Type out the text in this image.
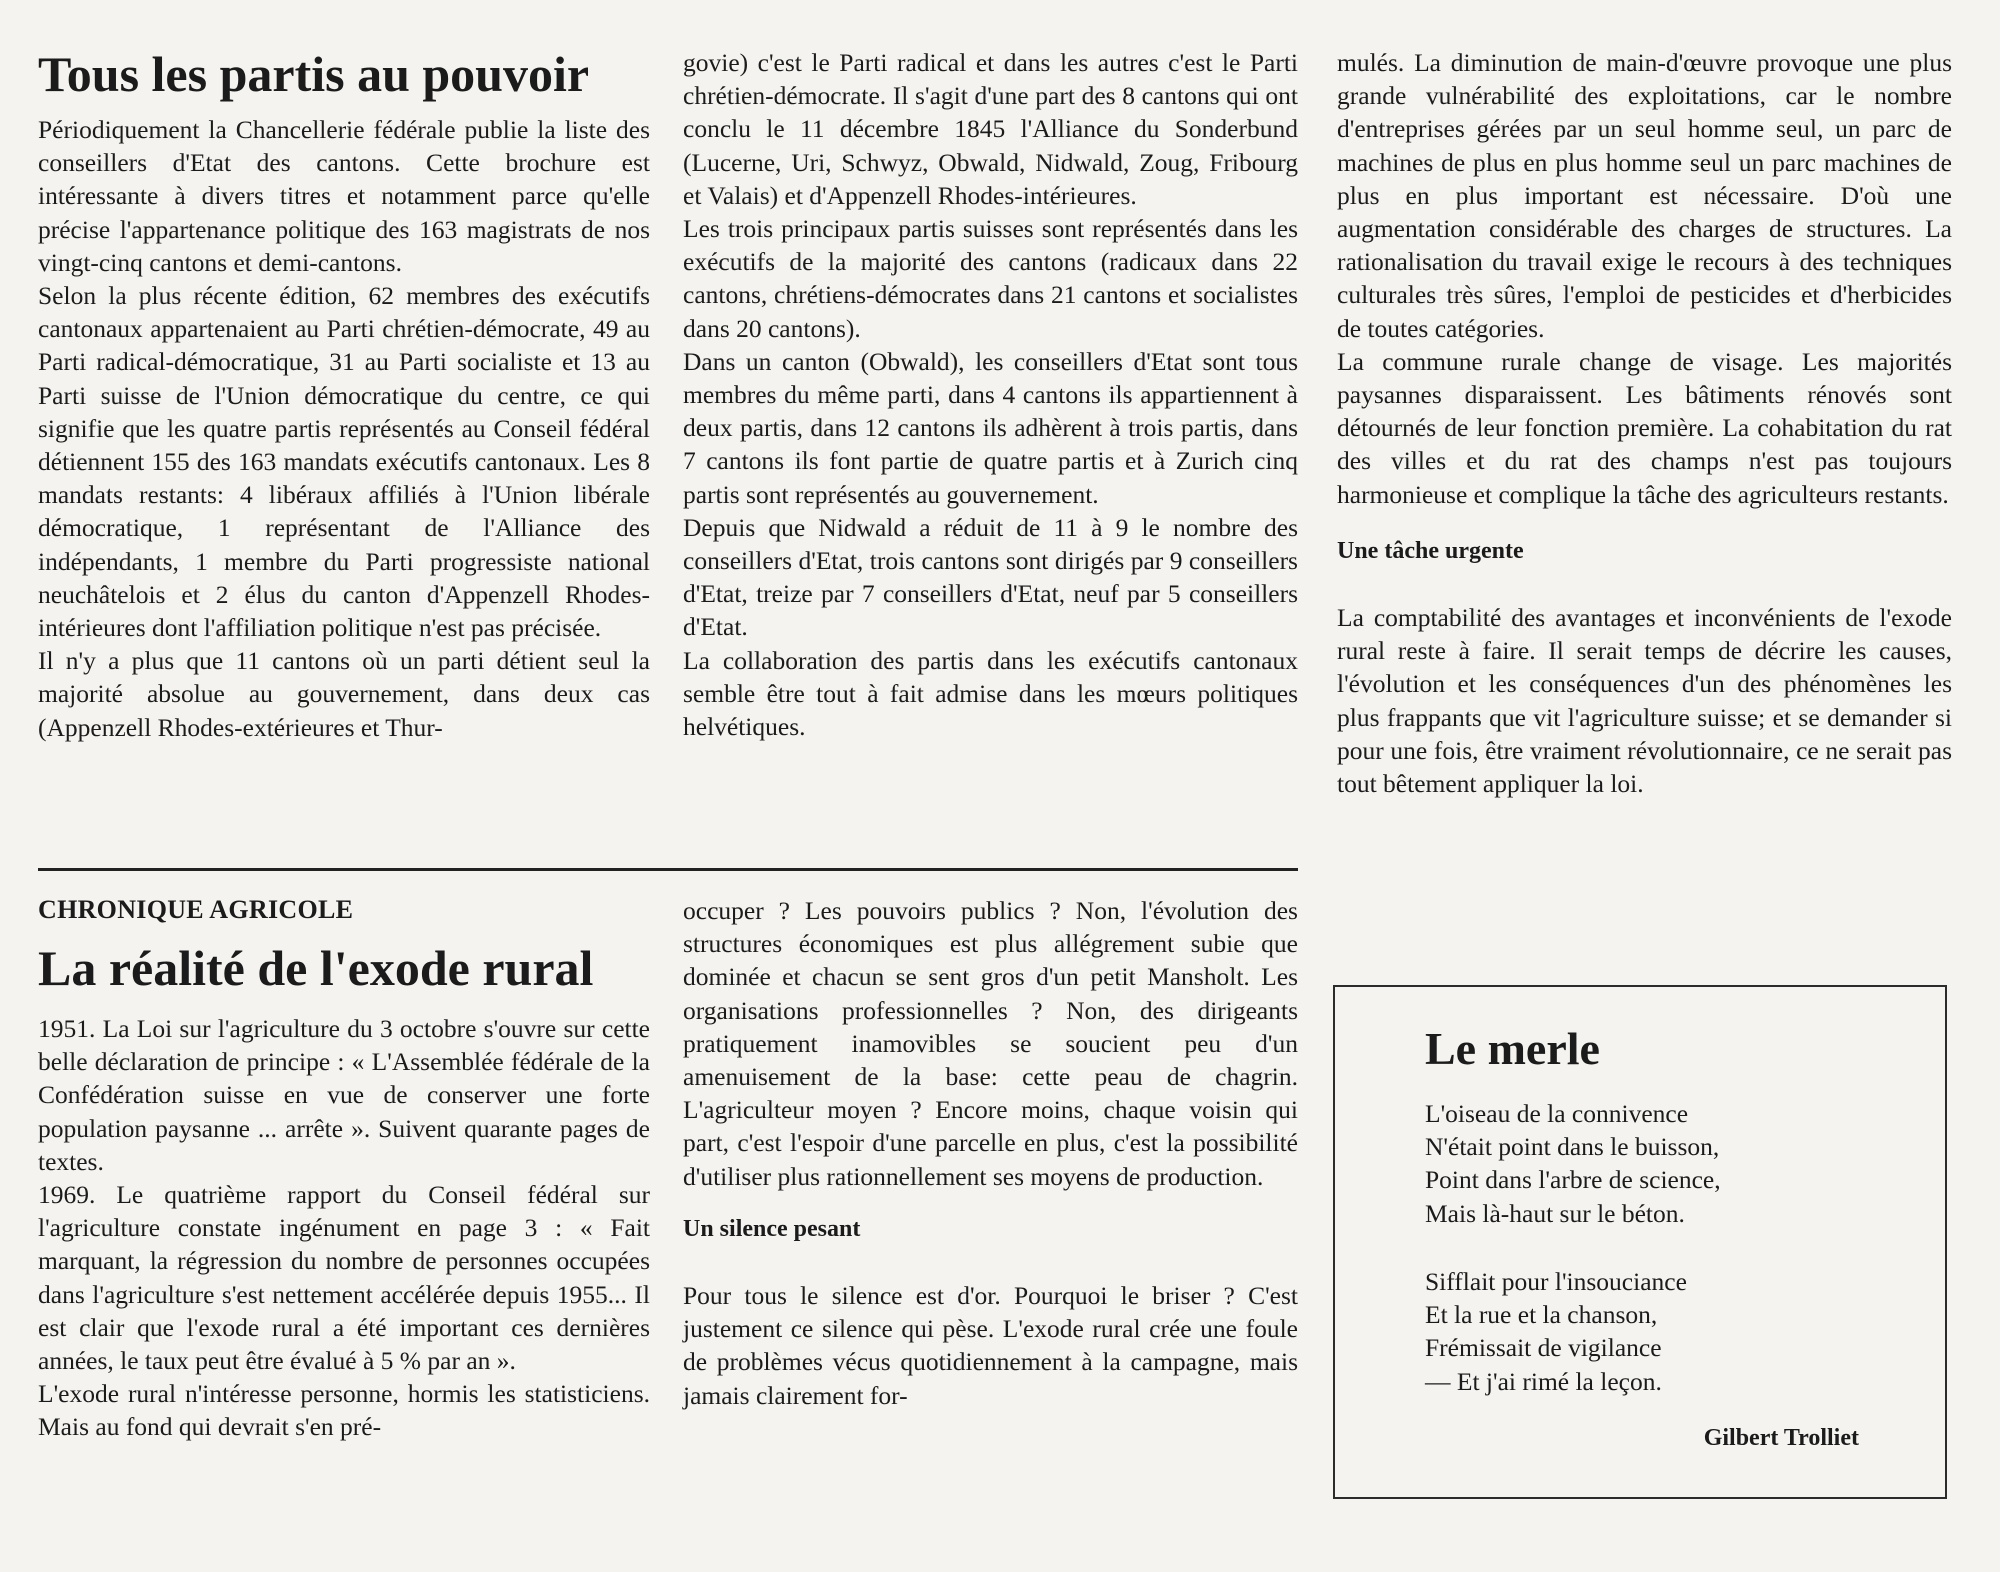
Tous les partis au pouvoir

Périodiquement la Chancellerie fédérale publie la liste des conseillers d'Etat des cantons. Cette brochure est intéressante à divers titres et notamment parce qu'elle précise l'appartenance politique des 163 magistrats de nos vingt-cinq cantons et demi-cantons.

Selon la plus récente édition, 62 membres des exécutifs cantonaux appartenaient au Parti chrétien-démocrate, 49 au Parti radical-démocratique, 31 au Parti socialiste et 13 au Parti suisse de l'Union démocratique du centre, ce qui signifie que les quatre partis représentés au Conseil fédéral détiennent 155 des 163 mandats exécutifs cantonaux. Les 8 mandats restants: 4 libéraux affiliés à l'Union libérale démocratique, 1 représentant de l'Alliance des indépendants, 1 membre du Parti progressiste national neuchâtelois et 2 élus du canton d'Appenzell Rhodes-intérieures dont l'affiliation politique n'est pas précisée.

Il n'y a plus que 11 cantons où un parti détient seul la majorité absolue au gouvernement, dans deux cas (Appenzell Rhodes-extérieures et Thur-

govie) c'est le Parti radical et dans les autres c'est le Parti chrétien-démocrate. Il s'agit d'une part des 8 cantons qui ont conclu le 11 décembre 1845 l'Alliance du Sonderbund (Lucerne, Uri, Schwyz, Obwald, Nidwald, Zoug, Fribourg et Valais) et d'Appenzell Rhodes-intérieures.

Les trois principaux partis suisses sont représentés dans les exécutifs de la majorité des cantons (radicaux dans 22 cantons, chrétiens-démocrates dans 21 cantons et socialistes dans 20 cantons).

Dans un canton (Obwald), les conseillers d'Etat sont tous membres du même parti, dans 4 cantons ils appartiennent à deux partis, dans 12 cantons ils adhèrent à trois partis, dans 7 cantons ils font partie de quatre partis et à Zurich cinq partis sont représentés au gouvernement.

Depuis que Nidwald a réduit de 11 à 9 le nombre des conseillers d'Etat, trois cantons sont dirigés par 9 conseillers d'Etat, treize par 7 conseillers d'Etat, neuf par 5 conseillers d'Etat.

La collaboration des partis dans les exécutifs cantonaux semble être tout à fait admise dans les mœurs politiques helvétiques.

CHRONIQUE AGRICOLE

La réalité de l'exode rural

1951. La Loi sur l'agriculture du 3 octobre s'ouvre sur cette belle déclaration de principe : « L'Assemblée fédérale de la Confédération suisse en vue de conserver une forte population paysanne ... arrête ». Suivent quarante pages de textes.

1969. Le quatrième rapport du Conseil fédéral sur l'agriculture constate ingénument en page 3 : « Fait marquant, la régression du nombre de personnes occupées dans l'agriculture s'est nettement accélérée depuis 1955... Il est clair que l'exode rural a été important ces dernières années, le taux peut être évalué à 5 % par an ».

L'exode rural n'intéresse personne, hormis les statisticiens. Mais au fond qui devrait s'en pré-

occuper ? Les pouvoirs publics ? Non, l'évolution des structures économiques est plus allégrement subie que dominée et chacun se sent gros d'un petit Mansholt. Les organisations professionnelles ? Non, des dirigeants pratiquement inamovibles se soucient peu d'un amenuisement de la base: cette peau de chagrin. L'agriculteur moyen ? Encore moins, chaque voisin qui part, c'est l'espoir d'une parcelle en plus, c'est la possibilité d'utiliser plus rationnellement ses moyens de production.

Un silence pesant

Pour tous le silence est d'or. Pourquoi le briser ? C'est justement ce silence qui pèse. L'exode rural crée une foule de problèmes vécus quotidiennement à la campagne, mais jamais clairement for-

mulés. La diminution de main-d'œuvre provoque une plus grande vulnérabilité des exploitations, car le nombre d'entreprises gérées par un seul homme seul, un parc de machines de plus en plus homme seul un parc machines de plus en plus important est nécessaire. D'où une augmentation considérable des charges de structures. La rationalisation du travail exige le recours à des techniques culturales très sûres, l'emploi de pesticides et d'herbicides de toutes catégories.

La commune rurale change de visage. Les majorités paysannes disparaissent. Les bâtiments rénovés sont détournés de leur fonction première. La cohabitation du rat des villes et du rat des champs n'est pas toujours harmonieuse et complique la tâche des agriculteurs restants.

Une tâche urgente

La comptabilité des avantages et inconvénients de l'exode rural reste à faire. Il serait temps de décrire les causes, l'évolution et les conséquences d'un des phénomènes les plus frappants que vit l'agriculture suisse; et se demander si pour une fois, être vraiment révolutionnaire, ce ne serait pas tout bêtement appliquer la loi.

Le merle
L'oiseau de la connivence
N'était point dans le buisson,
Point dans l'arbre de science,
Mais là-haut sur le béton.
Sifflait pour l'insouciance
Et la rue et la chanson,
Frémissait de vigilance
— Et j'ai rimé la leçon.

Gilbert Trolliet
